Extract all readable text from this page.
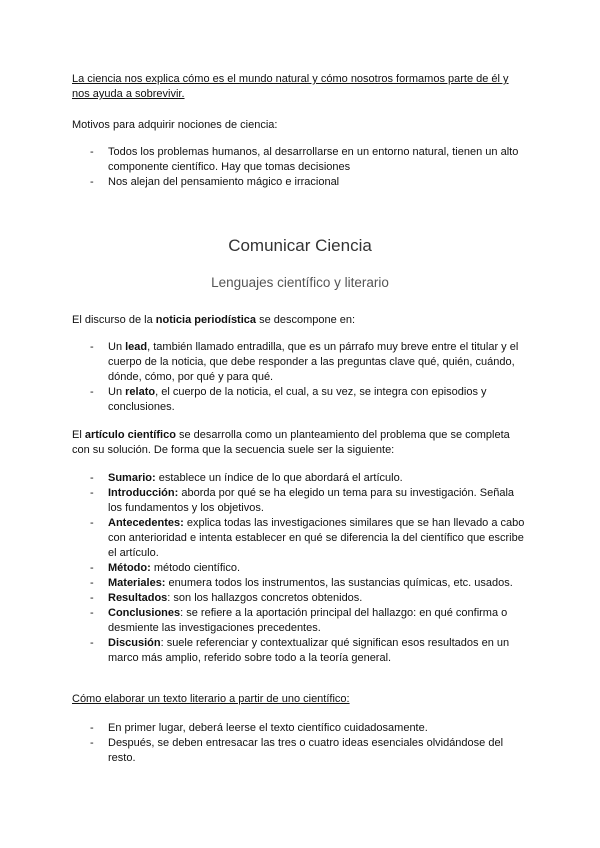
La ciencia nos explica cómo es el mundo natural y cómo nosotros formamos parte de él y nos ayuda a sobrevivir.
Motivos para adquirir nociones de ciencia:
- Todos los problemas humanos, al desarrollarse en un entorno natural, tienen un alto componente científico. Hay que tomas decisiones
- Nos alejan del pensamiento mágico e irracional
Comunicar Ciencia
Lenguajes científico y literario
El discurso de la noticia periodística se descompone en:
- Un lead, también llamado entradilla, que es un párrafo muy breve entre el titular y el cuerpo de la noticia, que debe responder a las preguntas clave qué, quién, cuándo, dónde, cómo, por qué y para qué.
- Un relato, el cuerpo de la noticia, el cual, a su vez, se integra con episodios y conclusiones.
El artículo científico se desarrolla como un planteamiento del problema que se completa con su solución. De forma que la secuencia suele ser la siguiente:
- Sumario: establece un índice de lo que abordará el artículo.
- Introducción: aborda por qué se ha elegido un tema para su investigación. Señala los fundamentos y los objetivos.
- Antecedentes: explica todas las investigaciones similares que se han llevado a cabo con anterioridad e intenta establecer en qué se diferencia la del científico que escribe el artículo.
- Método: método científico.
- Materiales: enumera todos los instrumentos, las sustancias químicas, etc. usados.
- Resultados: son los hallazgos concretos obtenidos.
- Conclusiones: se refiere a la aportación principal del hallazgo: en qué confirma o desmiente las investigaciones precedentes.
- Discusión: suele referenciar y contextualizar qué significan esos resultados en un marco más amplio, referido sobre todo a la teoría general.
Cómo elaborar un texto literario a partir de uno científico:
- En primer lugar, deberá leerse el texto científico cuidadosamente.
- Después, se deben entresacar las tres o cuatro ideas esenciales olvidándose del resto.
